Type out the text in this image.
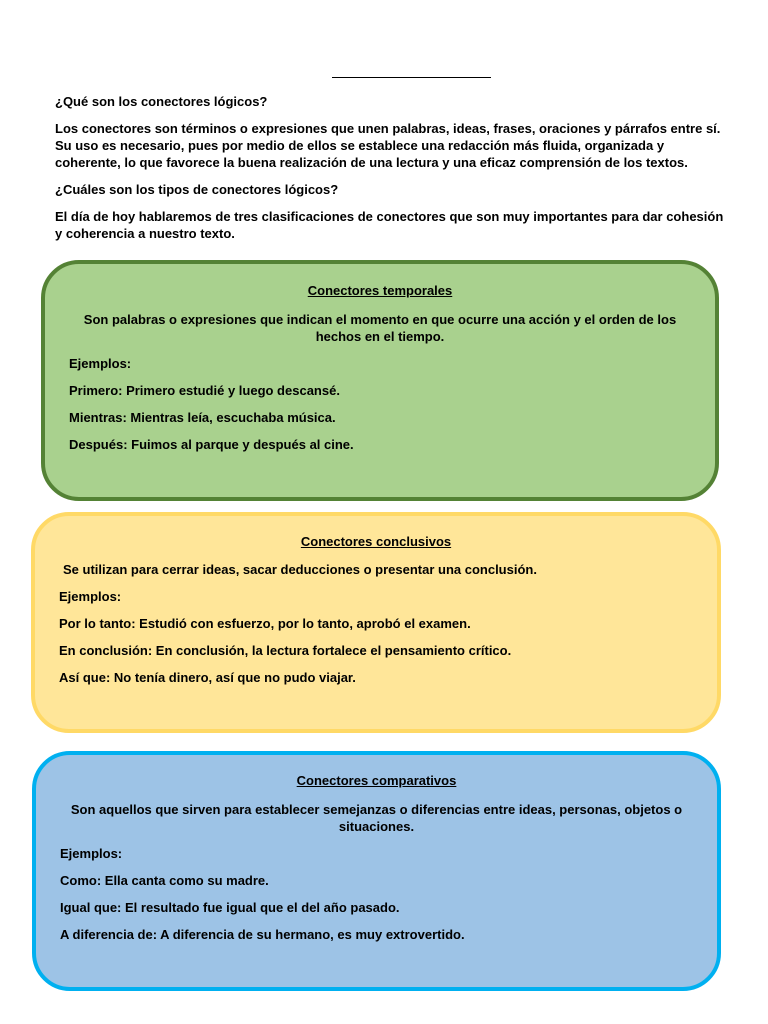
¿Qué son los conectores lógicos?

Los conectores son términos o expresiones que unen palabras, ideas, frases, oraciones y párrafos entre sí. Su uso es necesario, pues por medio de ellos se establece una redacción más fluida, organizada y coherente, lo que favorece la buena realización de una lectura y una eficaz comprensión de los textos.

¿Cuáles son los tipos de conectores lógicos?

El día de hoy hablaremos de tres clasificaciones de conectores que son muy importantes para dar cohesión y coherencia a nuestro texto.

Conectores temporales

Son palabras o expresiones que indican el momento en que ocurre una acción y el orden de los hechos en el tiempo.

Ejemplos:

Primero: Primero estudié y luego descansé.

Mientras: Mientras leía, escuchaba música.

Después: Fuimos al parque y después al cine.

Conectores conclusivos

Se utilizan para cerrar ideas, sacar deducciones o presentar una conclusión.

Ejemplos:

Por lo tanto: Estudió con esfuerzo, por lo tanto, aprobó el examen.

En conclusión: En conclusión, la lectura fortalece el pensamiento crítico.

Así que: No tenía dinero, así que no pudo viajar.

Conectores comparativos

Son aquellos que sirven para establecer semejanzas o diferencias entre ideas, personas, objetos o situaciones.

Ejemplos:

Como: Ella canta como su madre.

Igual que: El resultado fue igual que el del año pasado.

A diferencia de: A diferencia de su hermano, es muy extrovertido.
